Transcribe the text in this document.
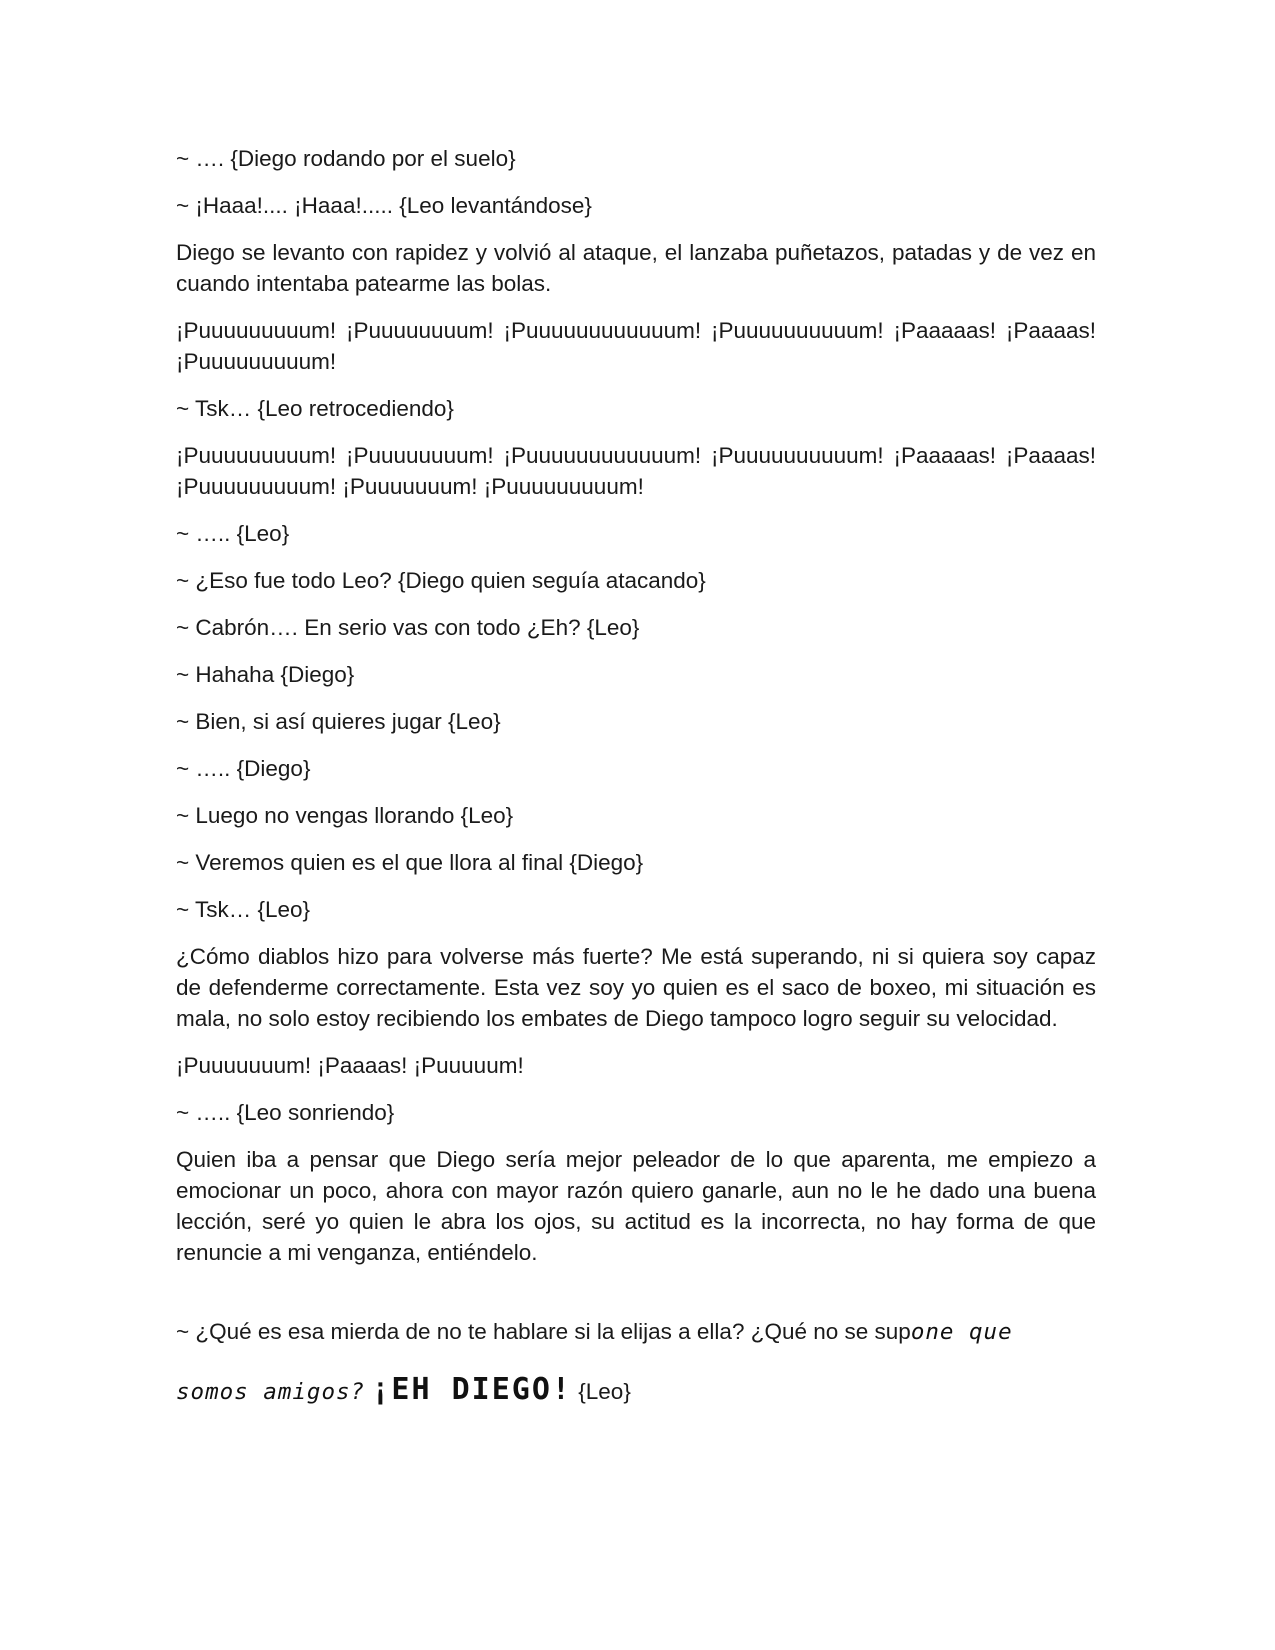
~ …. {Diego rodando por el suelo}

~ ¡Haaa!.... ¡Haaa!..... {Leo levantándose}

Diego se levanto con rapidez y volvió al ataque, el lanzaba puñetazos, patadas y de vez en cuando intentaba patearme las bolas.

¡Puuuuuuuuum! ¡Puuuuuuuum! ¡Puuuuuuuuuuuum! ¡Puuuuuuuuuum! ¡Paaaaas! ¡Paaaas! ¡Puuuuuuuuum!

~ Tsk… {Leo retrocediendo}

¡Puuuuuuuuum! ¡Puuuuuuuum! ¡Puuuuuuuuuuuum! ¡Puuuuuuuuuum! ¡Paaaaas! ¡Paaaas! ¡Puuuuuuuuum! ¡Puuuuuuum! ¡Puuuuuuuuum!

~ ….. {Leo}

~ ¿Eso fue todo Leo? {Diego quien seguía atacando}

~ Cabrón…. En serio vas con todo ¿Eh? {Leo}

~ Hahaha {Diego}

~ Bien, si así quieres jugar {Leo}

~ ….. {Diego}

~ Luego no vengas llorando {Leo}

~ Veremos quien es el que llora al final {Diego}

~ Tsk… {Leo}

¿Cómo diablos hizo para volverse más fuerte? Me está superando, ni si quiera soy capaz de defenderme correctamente. Esta vez soy yo quien es el saco de boxeo, mi situación es mala, no solo estoy recibiendo los embates de Diego tampoco logro seguir su velocidad.

¡Puuuuuuum! ¡Paaaas! ¡Puuuuum!

~ ….. {Leo sonriendo}

Quien iba a pensar que Diego sería mejor peleador de lo que aparenta, me empiezo a emocionar un poco, ahora con mayor razón quiero ganarle, aun no le he dado una buena lección, seré yo quien le abra los ojos, su actitud es la incorrecta, no hay forma de que renuncie a mi venganza, entiéndelo.

~ ¿Qué es esa mierda de no te hablare si la elijas a ella? ¿Qué no se supone que
somos amigos? ¡EH DIEGO! {Leo}
